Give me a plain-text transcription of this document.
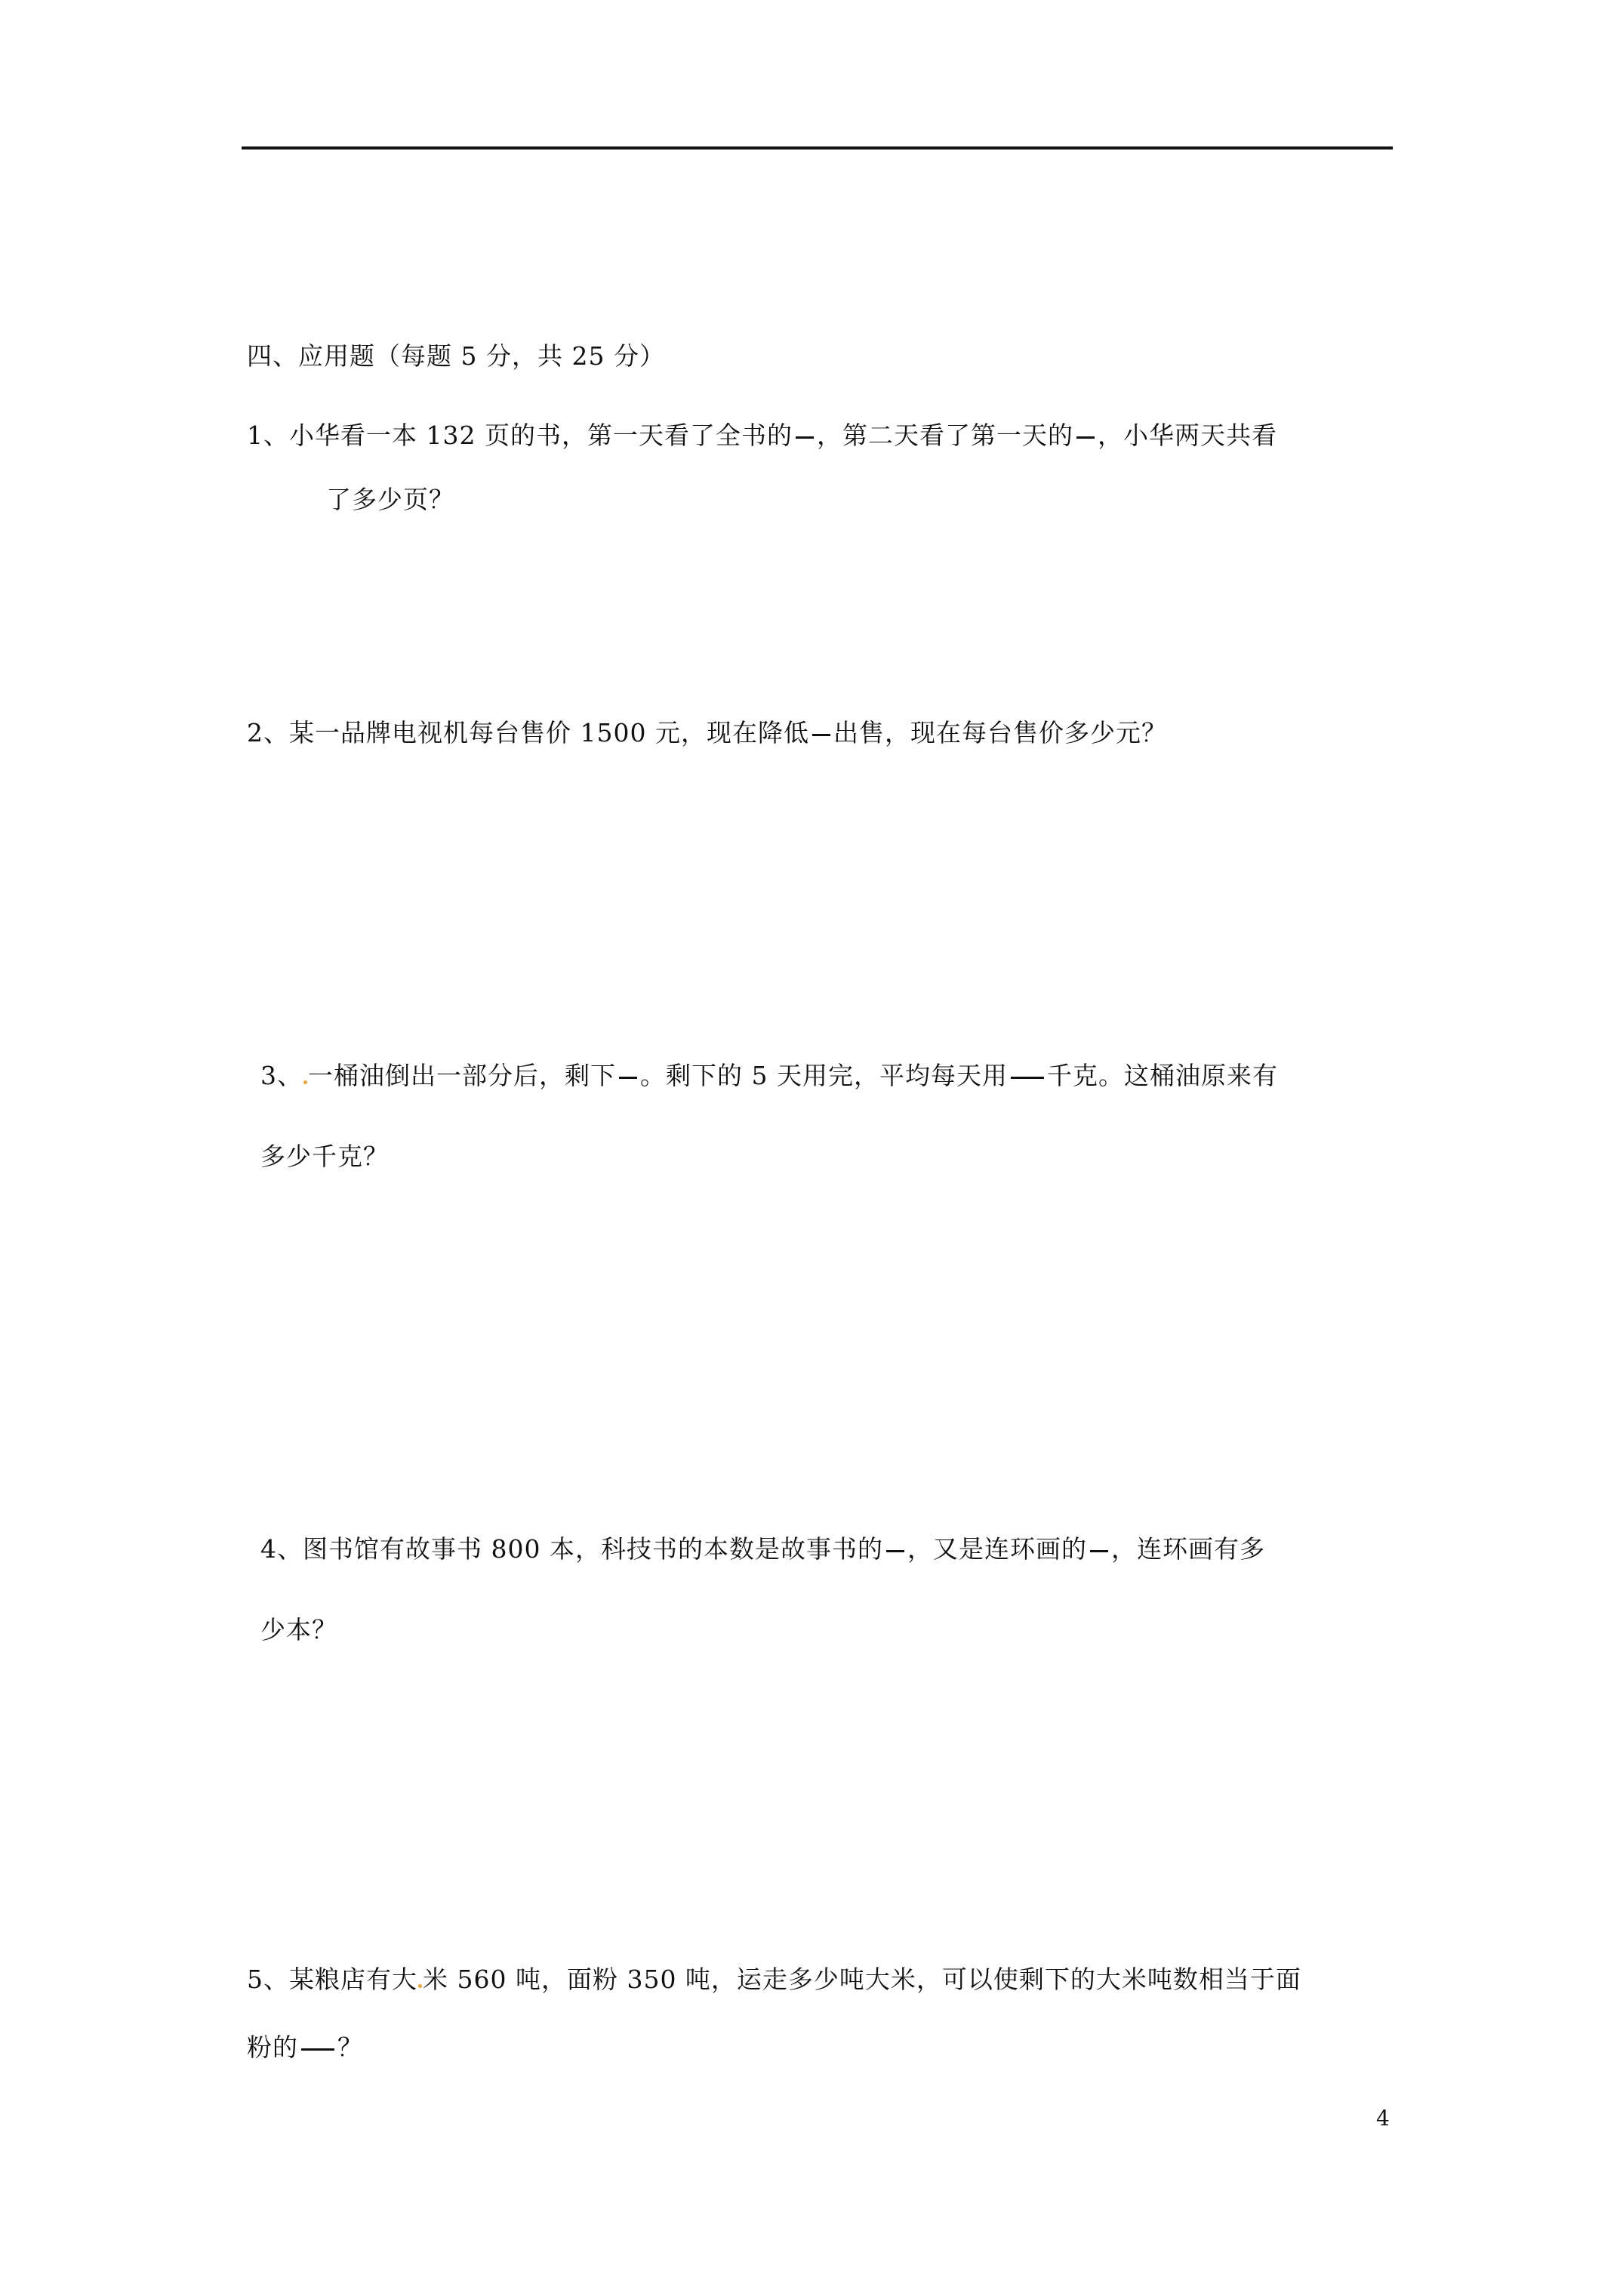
四、应用题（每题 5 分，共 25 分）
1、小华看一本 132 页的书，第一天看了全书的 ，第二天看了第一天的 ，小华两天共看
了多少页？
2、某一品牌电视机每台售价 1500 元，现在降低 出售，现在每台售价多少元？
3、 一桶油倒出一部分后，剩下 。剩下的 5 天用完，平均每天用 千克。这桶油原来有
多少千克？
4、图书馆有故事书 800 本，科技书的本数是故事书的 ，又是连环画的 ，连环画有多
少本？
5、某粮店有大 米 560 吨，面粉 350 吨，运走多少吨大米，可以使剩下的大米吨数相当于面
粉的 ？
4
